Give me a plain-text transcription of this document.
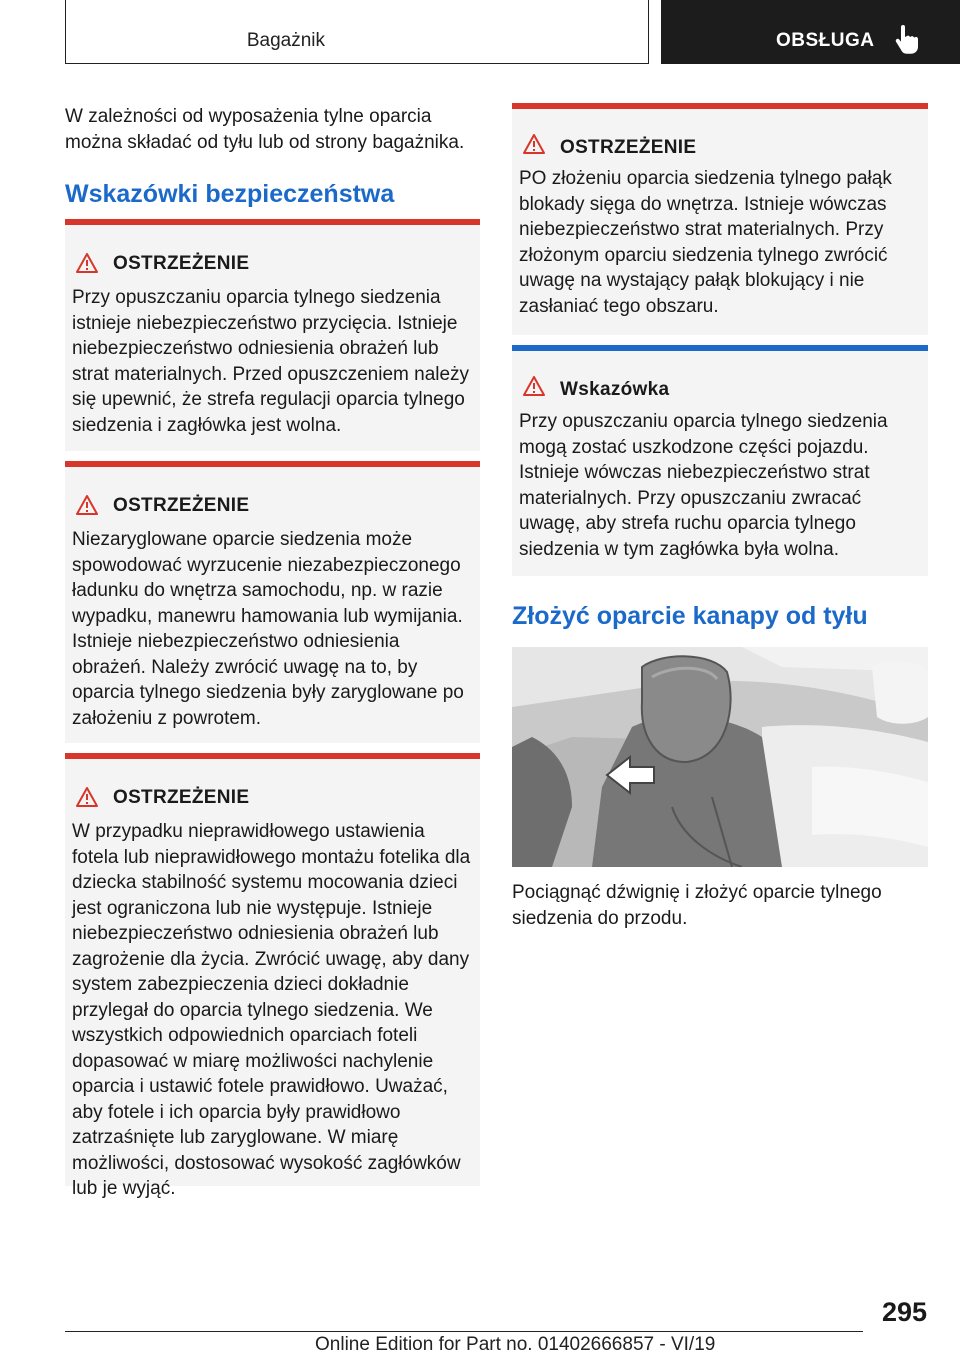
Bagażnik	OBSŁUGA

W zależności od wyposażenia tylne oparcia można składać od tyłu lub od strony bagażnika.

Wskazówki bezpieczeństwa
OSTRZEŻENIE

Przy opuszczaniu oparcia tylnego siedzenia istnieje niebezpieczeństwo przycięcia. Istnieje niebezpieczeństwo odniesienia obrażeń lub strat materialnych. Przed opuszczeniem należy się upewnić, że strefa regulacji oparcia tylnego siedzenia i zagłówka jest wolna.

OSTRZEŻENIE

Niezaryglowane oparcie siedzenia może spowodować wyrzucenie niezabezpieczonego ładunku do wnętrza samochodu, np. w razie wypadku, manewru hamowania lub wymijania. Istnieje niebezpieczeństwo odniesienia obrażeń. Należy zwrócić uwagę na to, by oparcia tylnego siedzenia były zaryglowane po założeniu z powrotem.

OSTRZEŻENIE

W przypadku nieprawidłowego ustawienia fotela lub nieprawidłowego montażu fotelika dla dziecka stabilność systemu mocowania dzieci jest ograniczona lub nie występuje. Istnieje niebezpieczeństwo odniesienia obrażeń lub zagrożenie dla życia. Zwrócić uwagę, aby dany system zabezpieczenia dzieci dokładnie przylegał do oparcia tylnego siedzenia. We wszystkich odpowiednich oparciach foteli dopasować w miarę możliwości nachylenie oparcia i ustawić fotele prawidłowo. Uważać, aby fotele i ich oparcia były prawidłowo zatrzaśnięte lub zaryglowane. W miarę możliwości, dostosować wysokość zagłówków lub je wyjąć.

OSTRZEŻENIE

PO złożeniu oparcia siedzenia tylnego pałąk blokady sięga do wnętrza. Istnieje wówczas niebezpieczeństwo strat materialnych. Przy złożonym oparciu siedzenia tylnego zwrócić uwagę na wystający pałąk blokujący i nie zasłaniać tego obszaru.

Wskazówka

Przy opuszczaniu oparcia tylnego siedzenia mogą zostać uszkodzone części pojazdu. Istnieje wówczas niebezpieczeństwo strat materialnych. Przy opuszczaniu zwracać uwagę, aby strefa ruchu oparcia tylnego siedzenia w tym zagłówka była wolna.

Złożyć oparcie kanapy od tyłu

Pociągnąć dźwignię i złożyć oparcie tylnego siedzenia do przodu.

295
Online Edition for Part no. 01402666857 - VI/19
